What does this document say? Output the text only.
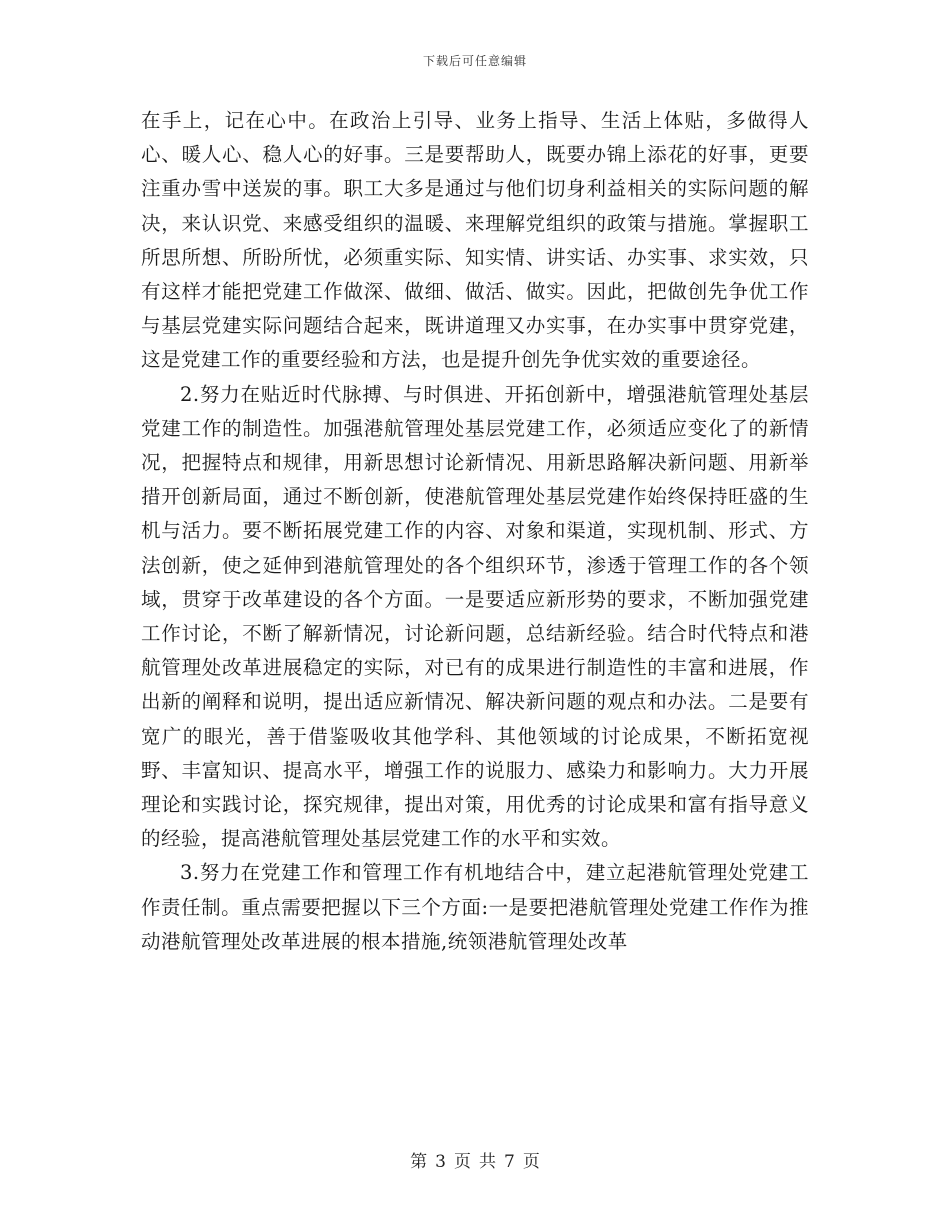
下载后可任意编辑

在手上，记在心中。在政治上引导、业务上指导、生活上体贴，多做得人心、暖人心、稳人心的好事。三是要帮助人，既要办锦上添花的好事，更要注重办雪中送炭的事。职工大多是通过与他们切身利益相关的实际问题的解决，来认识党、来感受组织的温暖、来理解党组织的政策与措施。掌握职工所思所想、所盼所忧，必须重实际、知实情、讲实话、办实事、求实效，只有这样才能把党建工作做深、做细、做活、做实。因此，把做创先争优工作与基层党建实际问题结合起来，既讲道理又办实事，在办实事中贯穿党建，这是党建工作的重要经验和方法，也是提升创先争优实效的重要途径。

2.努力在贴近时代脉搏、与时俱进、开拓创新中，增强港航管理处基层党建工作的制造性。加强港航管理处基层党建工作，必须适应变化了的新情况，把握特点和规律，用新思想讨论新情况、用新思路解决新问题、用新举措开创新局面，通过不断创新，使港航管理处基层党建作始终保持旺盛的生机与活力。要不断拓展党建工作的内容、对象和渠道，实现机制、形式、方法创新，使之延伸到港航管理处的各个组织环节，渗透于管理工作的各个领域，贯穿于改革建设的各个方面。一是要适应新形势的要求，不断加强党建工作讨论，不断了解新情况，讨论新问题，总结新经验。结合时代特点和港航管理处改革进展稳定的实际，对已有的成果进行制造性的丰富和进展，作出新的阐释和说明，提出适应新情况、解决新问题的观点和办法。二是要有宽广的眼光，善于借鉴吸收其他学科、其他领域的讨论成果，不断拓宽视野、丰富知识、提高水平，增强工作的说服力、感染力和影响力。大力开展理论和实践讨论，探究规律，提出对策，用优秀的讨论成果和富有指导意义的经验，提高港航管理处基层党建工作的水平和实效。

3.努力在党建工作和管理工作有机地结合中，建立起港航管理处党建工作责任制。重点需要把握以下三个方面:一是要把港航管理处党建工作作为推动港航管理处改革进展的根本措施,统领港航管理处改革

第 3 页 共 7 页
